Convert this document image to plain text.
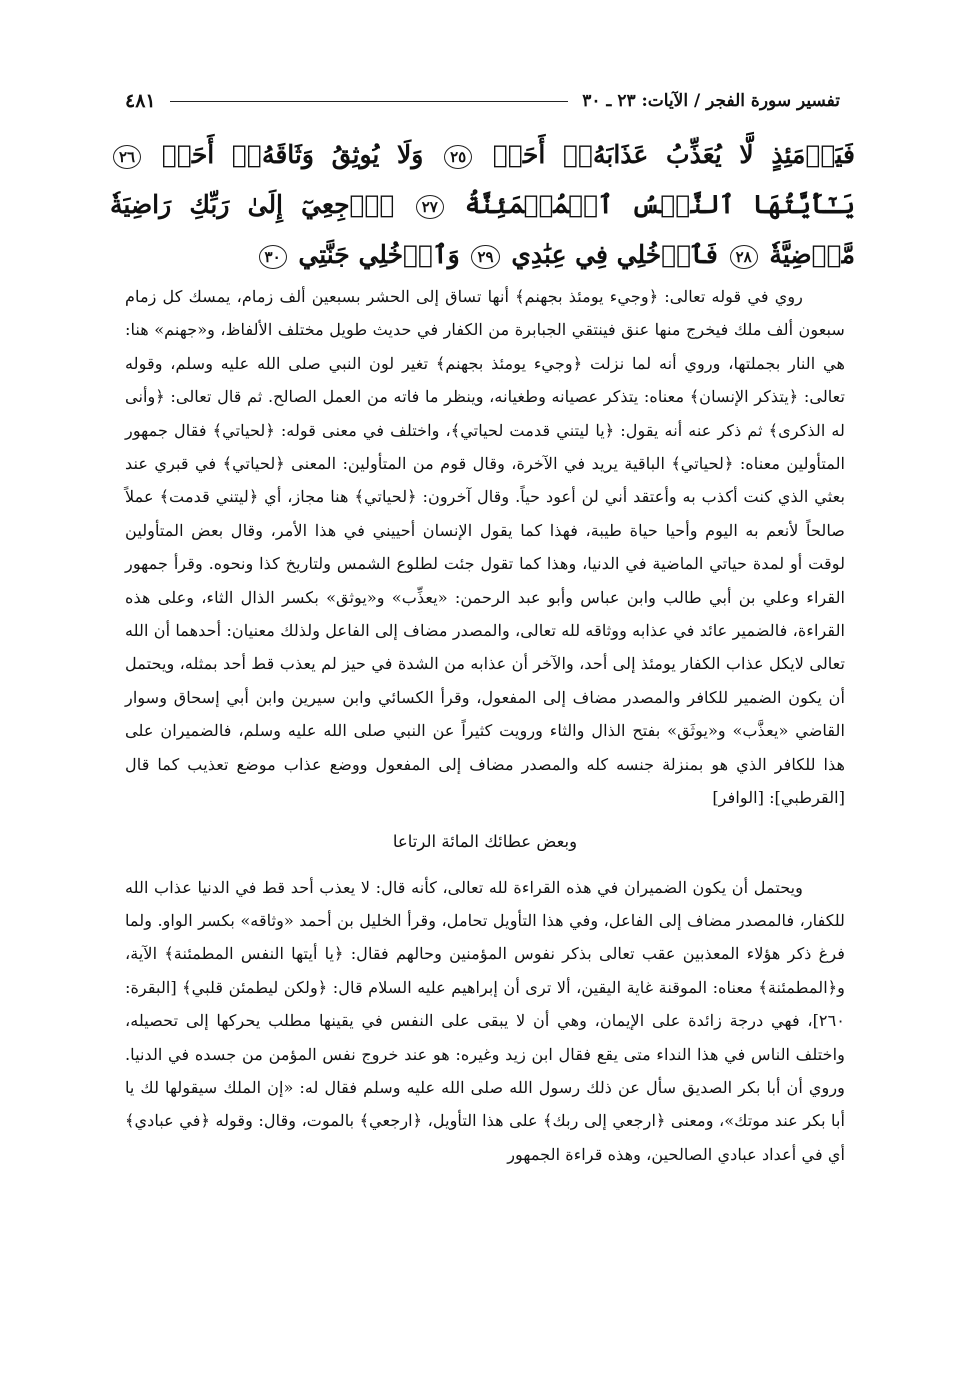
تفسير سورة الفجر / الآيات: ٢٣ ـ ٣٠
٤٨١
فَيَوۡمَئِذٍ لَّا يُعَذِّبُ عَذَابَهُۥٓ أَحَدٞ ٢٥ وَلَا يُوثِقُ وَثَاقَهُۥٓ أَحَدٞ ٢٦ يَـٰٓأَيَّتُهَا ٱلنَّفۡسُ ٱلۡمُطۡمَئِنَّةُ ٢٧ ٱرۡجِعِيٓ إِلَىٰ رَبِّكِ رَاضِيَةٗ مَّرۡضِيَّةٗ ٢٨ فَٱدۡخُلِي فِي عِبَٰدِي ٢٩ وَٱدۡخُلِي جَنَّتِي ٣٠

روي في قوله تعالى: ﴿وجيء يومئذ بجهنم﴾ أنها تساق إلى الحشر بسبعين ألف زمام، يمسك كل زمام سبعون ألف ملك فيخرج منها عنق فينتقي الجبابرة من الكفار في حديث طويل مختلف الألفاظ، و«جهنم» هنا: هي النار بجملتها، وروي أنه لما نزلت ﴿وجيء يومئذ بجهنم﴾ تغير لون النبي صلى الله عليه وسلم، وقوله تعالى: ﴿يتذكر الإنسان﴾ معناه: يتذكر عصيانه وطغيانه، وينظر ما فاته من العمل الصالح. ثم قال تعالى: ﴿وأنى له الذكرى﴾ ثم ذكر عنه أنه يقول: ﴿يا ليتني قدمت لحياتي﴾، واختلف في معنى قوله: ﴿لحياتي﴾ فقال جمهور المتأولين معناه: ﴿لحياتي﴾ الباقية يريد في الآخرة، وقال قوم من المتأولين: المعنى ﴿لحياتي﴾ في قبري عند بعثي الذي كنت أكذب به وأعتقد أني لن أعود حياً. وقال آخرون: ﴿لحياتي﴾ هنا مجاز، أي ﴿ليتني قدمت﴾ عملاً صالحاً لأنعم به اليوم وأحيا حياة طيبة، فهذا كما يقول الإنسان أحييني في هذا الأمر، وقال بعض المتأولين لوقت أو لمدة حياتي الماضية في الدنيا، وهذا كما تقول جئت لطلوع الشمس ولتاريخ كذا ونحوه. وقرأ جمهور القراء وعلي بن أبي طالب وابن عباس وأبو عبد الرحمن: «يعذِّب» و«يوثق» بكسر الذال الثاء، وعلى هذه القراءة، فالضمير عائد في عذابه ووثاقه لله تعالى، والمصدر مضاف إلى الفاعل ولذلك معنيان: أحدهما أن الله تعالى لايكل عذاب الكفار يومئذ إلى أحد، والآخر أن عذابه من الشدة في حيز لم يعذب قط أحد بمثله، ويحتمل أن يكون الضمير للكافر والمصدر مضاف إلى المفعول، وقرأ الكسائي وابن سيرين وابن أبي إسحاق وسوار القاضي «يعذَّب» و«يوثَق» بفتح الذال والثاء ورويت كثيراً عن النبي صلى الله عليه وسلم، فالضميران على هذا للكافر الذي هو بمنزلة جنسه كله والمصدر مضاف إلى المفعول ووضع عذاب موضع تعذيب كما قال [القرطبي]: [الوافر]

وبعض عطائك المائة الرتاعا

ويحتمل أن يكون الضميران في هذه القراءة لله تعالى، كأنه قال: لا يعذب أحد قط في الدنيا عذاب الله للكفار، فالمصدر مضاف إلى الفاعل، وفي هذا التأويل تحامل، وقرأ الخليل بن أحمد «وثاقه» بكسر الواو. ولما فرغ ذكر هؤلاء المعذبين عقب تعالى بذكر نفوس المؤمنين وحالهم فقال: ﴿يا أيتها النفس المطمئنة﴾ الآية، و﴿المطمئنة﴾ معناه: الموقنة غاية اليقين، ألا ترى أن إبراهيم عليه السلام قال: ﴿ولكن ليطمئن قلبي﴾ [البقرة: ٢٦٠]، فهي درجة زائدة على الإيمان، وهي أن لا يبقى على النفس في يقينها مطلب يحركها إلى تحصيله، واختلف الناس في هذا النداء متى يقع فقال ابن زيد وغيره: هو عند خروج نفس المؤمن من جسده في الدنيا. وروي أن أبا بكر الصديق سأل عن ذلك رسول الله صلى الله عليه وسلم فقال له: «إن الملك سيقولها لك يا أبا بكر عند موتك»، ومعنى ﴿ارجعي إلى ربك﴾ على هذا التأويل، ﴿ارجعي﴾ بالموت، وقال: وقوله ﴿في عبادي﴾ أي في أعداد عبادي الصالحين، وهذه قراءة الجمهور
